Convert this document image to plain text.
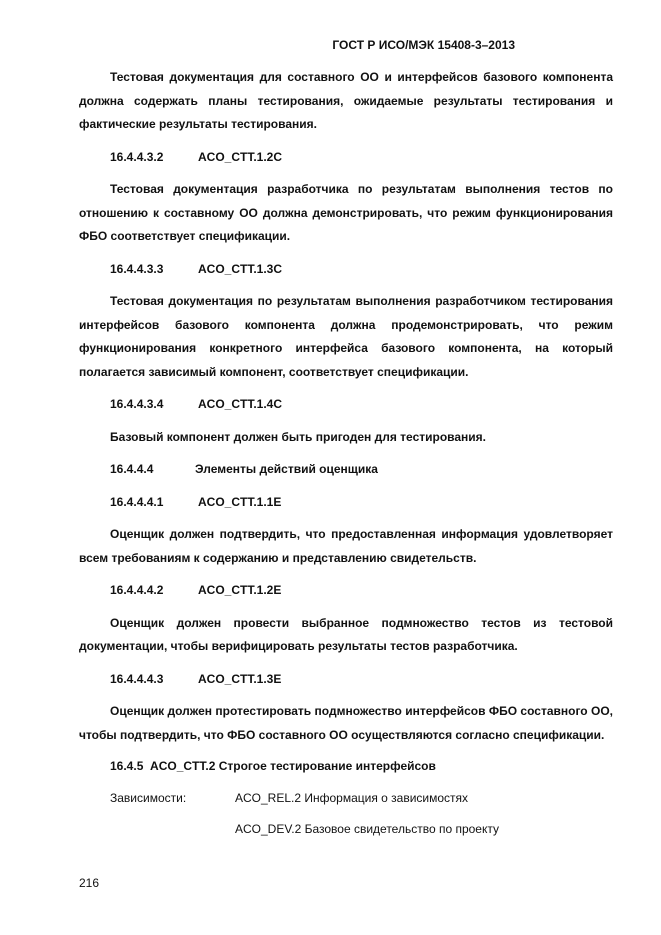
ГОСТ Р ИСО/МЭК 15408-3–2013

Тестовая документация для составного ОО и интерфейсов базового компонента должна содержать планы тестирования, ожидаемые результаты тестирования и фактические результаты тестирования.

16.4.4.3.2	ACO_CTT.1.2C

Тестовая документация разработчика по результатам выполнения тестов по отношению к составному ОО должна демонстрировать, что режим функционирования ФБО соответствует спецификации.

16.4.4.3.3	ACO_CTT.1.3C

Тестовая документация по результатам выполнения разработчиком тестирования интерфейсов базового компонента должна продемонстрировать, что режим функционирования конкретного интерфейса базового компонента, на который полагается зависимый компонент, соответствует спецификации.

16.4.4.3.4	ACO_CTT.1.4C

Базовый компонент должен быть пригоден для тестирования.

16.4.4.4	Элементы действий оценщика
16.4.4.4.1	ACO_CTT.1.1E

Оценщик должен подтвердить, что предоставленная информация удовлетворяет всем требованиям к содержанию и представлению свидетельств.

16.4.4.4.2	ACO_CTT.1.2E

Оценщик должен провести выбранное подмножество тестов из тестовой документации, чтобы верифицировать результаты тестов разработчика.

16.4.4.4.3	ACO_CTT.1.3E

Оценщик должен протестировать подмножество интерфейсов ФБО составного ОО, чтобы подтвердить, что ФБО составного ОО осуществляются согласно спецификации.

16.4.5 ACO_CTT.2 Строгое тестирование интерфейсов
Зависимости:	ACO_REL.2 Информация о зависимостях
ACO_DEV.2 Базовое свидетельство по проекту
216
